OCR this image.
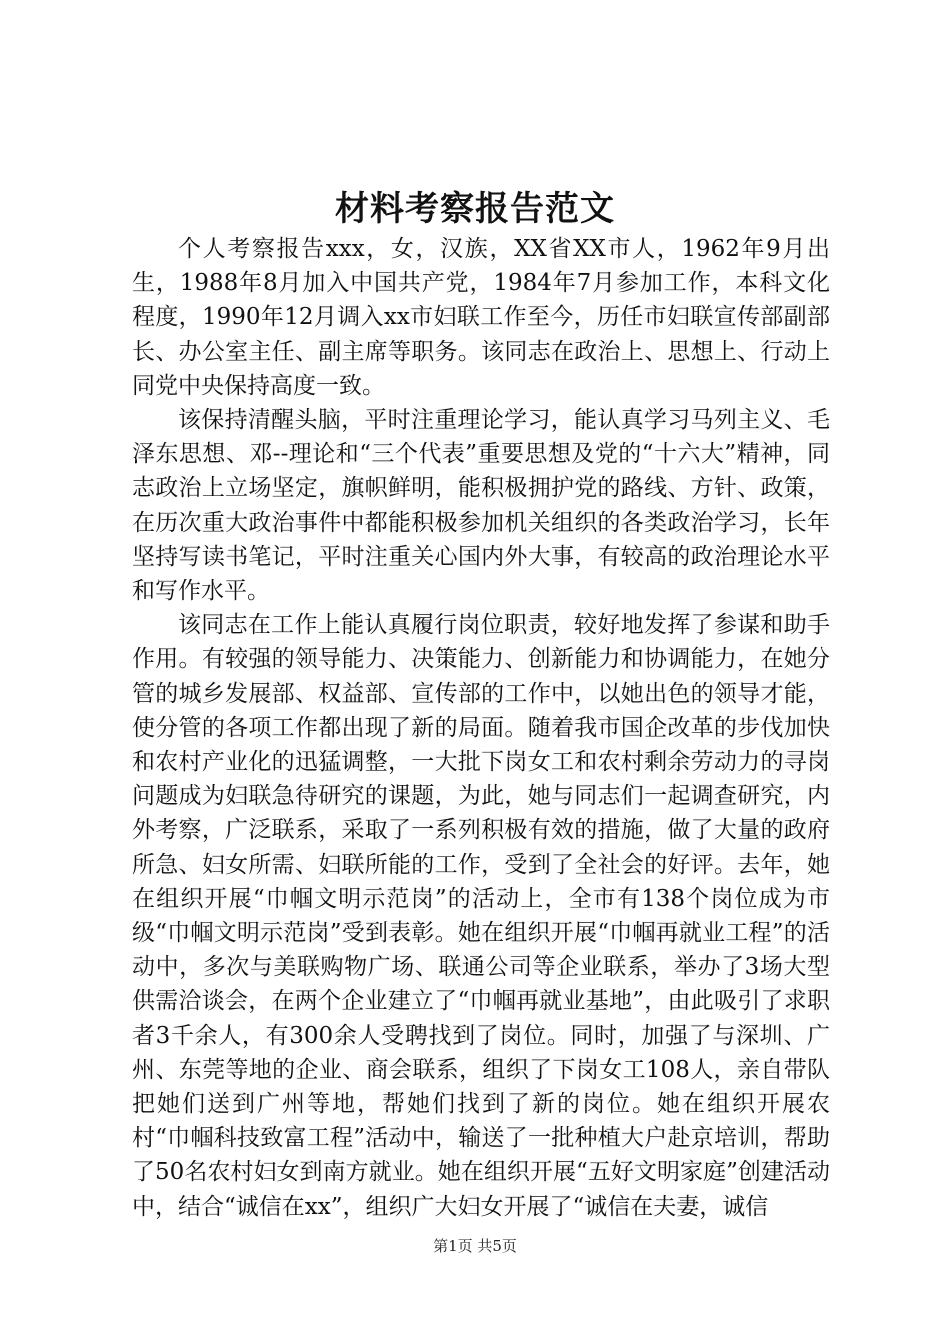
材料考察报告范文

个人考察报告xxx，女，汉族，XX省XX市人，1962年9月出生，1988年8月加入中国共产党，1984年7月参加工作，本科文化程度，1990年12月调入xx市妇联工作至今，历任市妇联宣传部副部长、办公室主任、副主席等职务。该同志在政治上、思想上、行动上同党中央保持高度一致。

该保持清醒头脑，平时注重理论学习，能认真学习马列主义、毛泽东思想、邓--理论和“三个代表”重要思想及党的“十六大”精神，同志政治上立场坚定，旗帜鲜明，能积极拥护党的路线、方针、政策，在历次重大政治事件中都能积极参加机关组织的各类政治学习，长年坚持写读书笔记，平时注重关心国内外大事，有较高的政治理论水平和写作水平。

该同志在工作上能认真履行岗位职责，较好地发挥了参谋和助手作用。有较强的领导能力、决策能力、创新能力和协调能力，在她分管的城乡发展部、权益部、宣传部的工作中，以她出色的领导才能，使分管的各项工作都出现了新的局面。随着我市国企改革的步伐加快和农村产业化的迅猛调整，一大批下岗女工和农村剩余劳动力的寻岗问题成为妇联急待研究的课题，为此，她与同志们一起调查研究，内外考察，广泛联系，采取了一系列积极有效的措施，做了大量的政府所急、妇女所需、妇联所能的工作，受到了全社会的好评。去年，她在组织开展“巾帼文明示范岗”的活动上，全市有138个岗位成为市级“巾帼文明示范岗”受到表彰。她在组织开展“巾帼再就业工程”的活动中，多次与美联购物广场、联通公司等企业联系，举办了3场大型供需洽谈会，在两个企业建立了“巾帼再就业基地”，由此吸引了求职者3千余人，有300余人受聘找到了岗位。同时，加强了与深圳、广州、东莞等地的企业、商会联系，组织了下岗女工108人，亲自带队把她们送到广州等地，帮她们找到了新的岗位。她在组织开展农村“巾帼科技致富工程”活动中，输送了一批种植大户赴京培训，帮助了50名农村妇女到南方就业。她在组织开展“五好文明家庭”创建活动中，结合“诚信在xx”，组织广大妇女开展了“诚信在夫妻，诚信

第1页 共5页
